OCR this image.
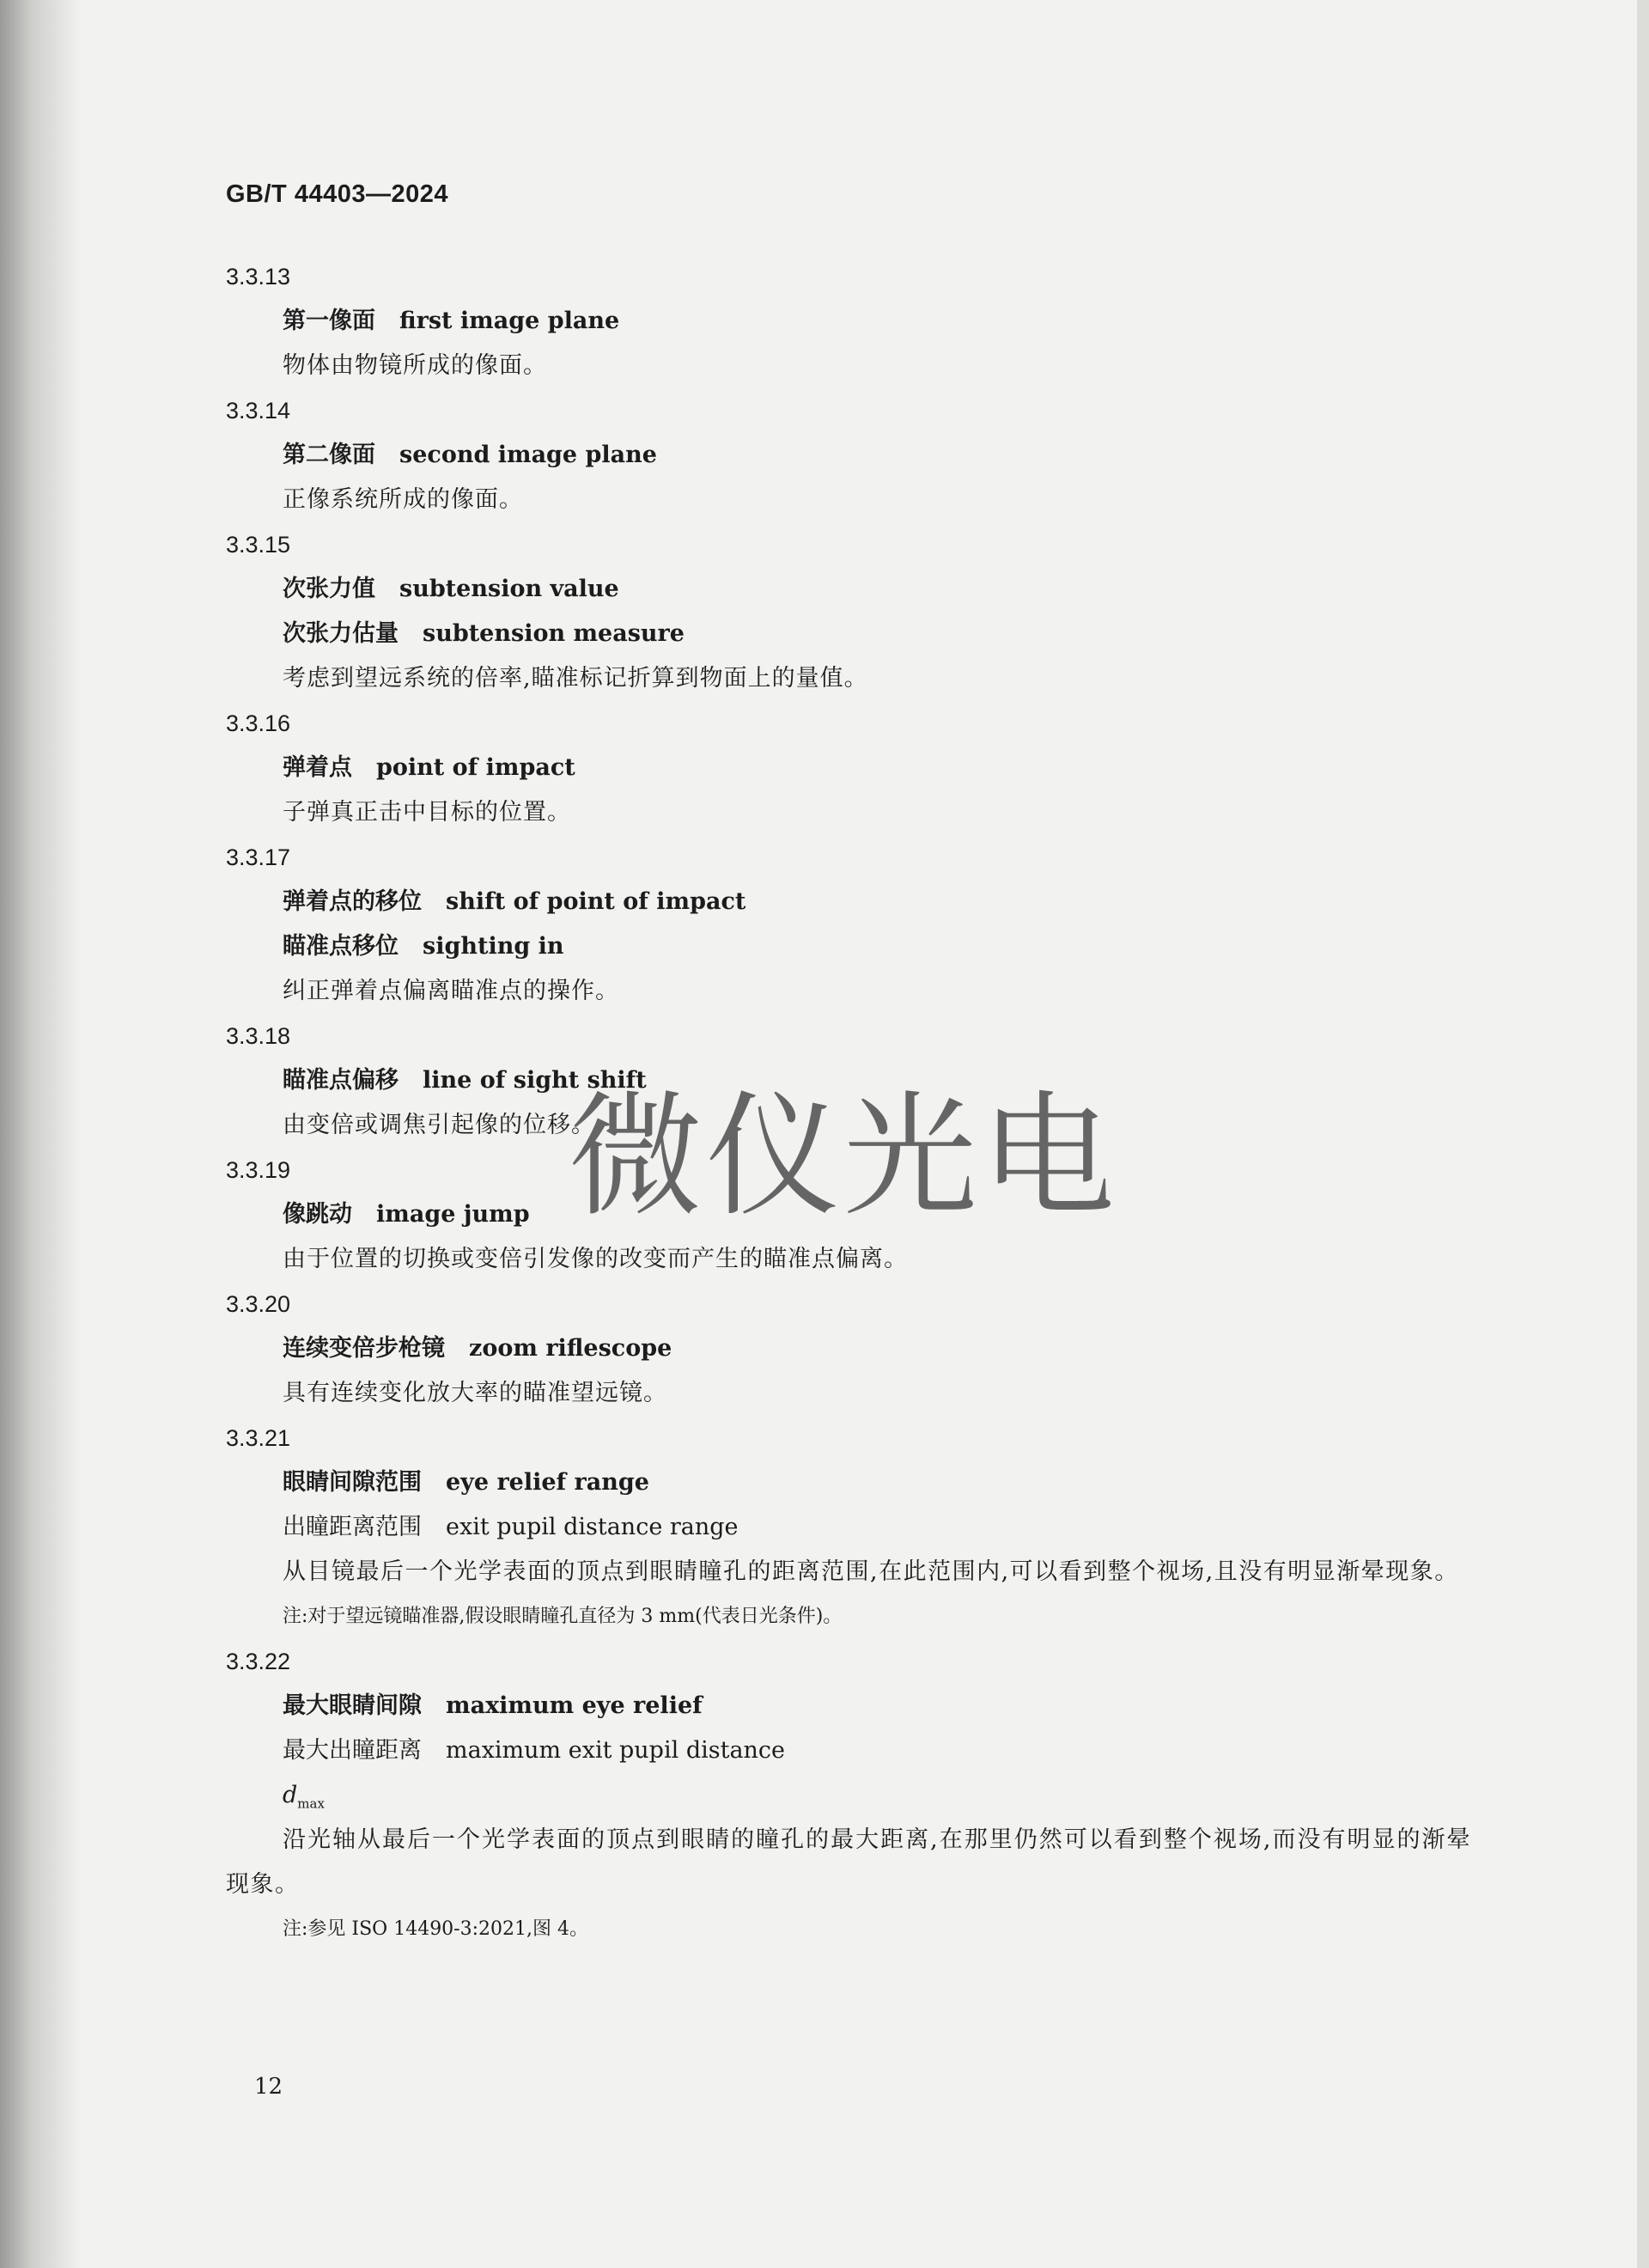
GB/T 44403—2024
3.3.13
第一像面 first image plane
物体由物镜所成的像面。
3.3.14
第二像面 second image plane
正像系统所成的像面。
3.3.15
次张力值 subtension value
次张力估量 subtension measure
考虑到望远系统的倍率,瞄准标记折算到物面上的量值。
3.3.16
弹着点 point of impact
子弹真正击中目标的位置。
3.3.17
弹着点的移位 shift of point of impact
瞄准点移位 sighting in
纠正弹着点偏离瞄准点的操作。
3.3.18
瞄准点偏移 line of sight shift
由变倍或调焦引起像的位移。
3.3.19
像跳动 image jump
由于位置的切换或变倍引发像的改变而产生的瞄准点偏离。
3.3.20
连续变倍步枪镜 zoom riflescope
具有连续变化放大率的瞄准望远镜。
3.3.21
眼睛间隙范围 eye relief range
出瞳距离范围 exit pupil distance range
从目镜最后一个光学表面的顶点到眼睛瞳孔的距离范围,在此范围内,可以看到整个视场,且没有明显渐晕现象。
注:对于望远镜瞄准器,假设眼睛瞳孔直径为 3 mm(代表日光条件)。
3.3.22
最大眼睛间隙 maximum eye relief
最大出瞳距离 maximum exit pupil distance
$d_{max}$
沿光轴从最后一个光学表面的顶点到眼睛的瞳孔的最大距离,在那里仍然可以看到整个视场,而没有明显的渐晕现象。
注:参见 ISO 14490-3:2021,图 4。
微仪光电
12
